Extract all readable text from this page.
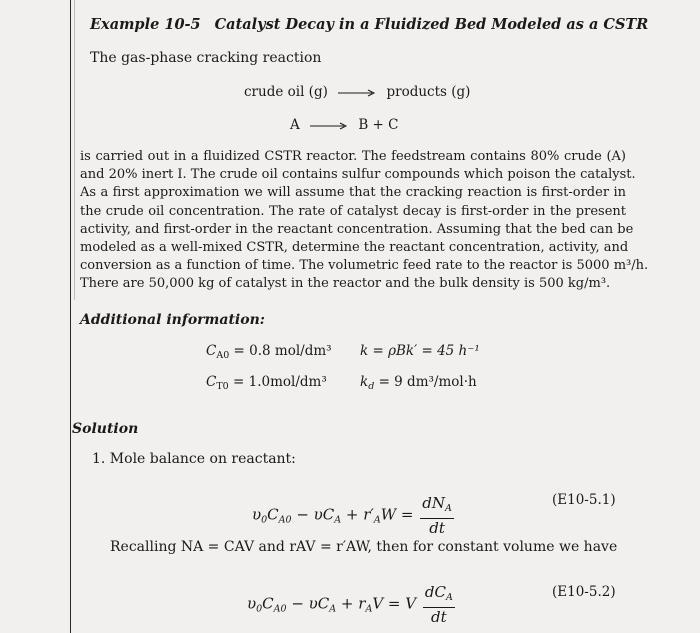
Example 10-5 Catalyst Decay in a Fluidized Bed Modeled as a CSTR
The gas-phase cracking reaction
crude oil (g) → products (g)
A → B + C
is carried out in a fluidized CSTR reactor. The feedstream contains 80% crude (A)
and 20% inert I. The crude oil contains sulfur compounds which poison the catalyst.
As a first approximation we will assume that the cracking reaction is first-order in
the crude oil concentration. The rate of catalyst decay is first-order in the present
activity, and first-order in the reactant concentration. Assuming that the bed can be
modeled as a well-mixed CSTR, determine the reactant concentration, activity, and
conversion as a function of time. The volumetric feed rate to the reactor is 5000 m³/h.
There are 50,000 kg of catalyst in the reactor and the bulk density is 500 kg/m³.
Additional information:
$C_{A0} = 0.8$ mol/dm³ k = ρBk′ = 45 h⁻¹
$C_{T0} = 1.0mol/dm^3$ $k_d = 9$ dm³/mol·h
Solution
1. Mole balance on reactant:
$\upsilon_0C_{A0} - \upsilon C_A + r'_AW = \frac{dN_A}{dt}$	(E10-5.1)
Recalling NA = CAV and rAV = r′AW, then for constant volume we have
$\upsilon_0C_{A0} - \upsilon C_A + r_AV = V \frac{dC_A}{dt}$	(E10-5.2)
